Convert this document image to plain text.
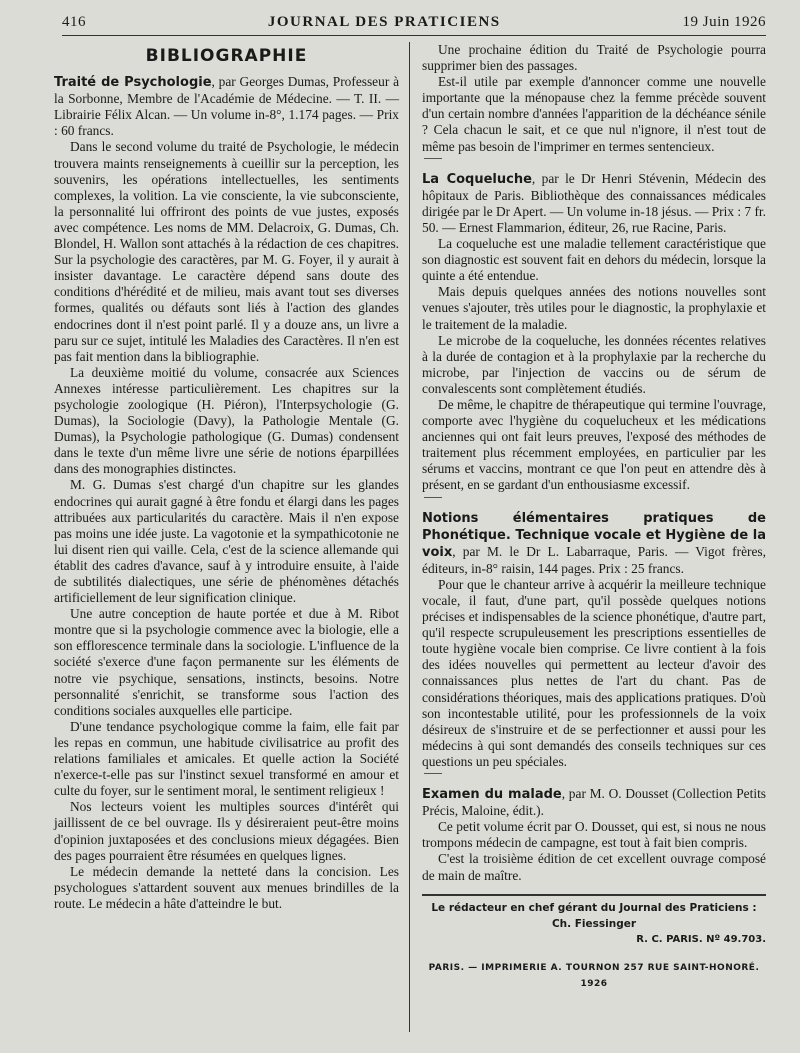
416	JOURNAL DES PRATICIENS	19 Juin 1926
BIBLIOGRAPHIE

Traité de Psychologie, par Georges Dumas, Professeur à la Sorbonne, Membre de l'Académie de Médecine. — T. II. — Librairie Félix Alcan. — Un volume in-8°, 1.174 pages. — Prix : 60 francs.

Dans le second volume du traité de Psychologie, le médecin trouvera maints renseignements à cueillir sur la perception, les souvenirs, les opérations intellectuelles, les sentiments complexes, la volition. La vie consciente, la vie subconsciente, la personnalité lui offriront des points de vue justes, exposés avec compétence. Les noms de MM. Delacroix, G. Dumas, Ch. Blondel, H. Wallon sont attachés à la rédaction de ces chapitres. Sur la psychologie des caractères, par M. G. Foyer, il y aurait à insister davantage. Le caractère dépend sans doute des conditions d'hérédité et de milieu, mais avant tout ses diverses formes, qualités ou défauts sont liés à l'action des glandes endocrines dont il n'est point parlé. Il y a douze ans, un livre a paru sur ce sujet, intitulé les Maladies des Caractères. Il n'en est pas fait mention dans la bibliographie.

La deuxième moitié du volume, consacrée aux Sciences Annexes intéresse particulièrement. Les chapitres sur la psychologie zoologique (H. Piéron), l'Interpsychologie (G. Dumas), la Sociologie (Davy), la Pathologie Mentale (G. Dumas), la Psychologie pathologique (G. Dumas) condensent dans le texte d'un même livre une série de notions éparpillées dans des monographies distinctes.

M. G. Dumas s'est chargé d'un chapitre sur les glandes endocrines qui aurait gagné à être fondu et élargi dans les pages attribuées aux particularités du caractère. Mais il n'en expose pas moins une idée juste. La vagotonie et la sympathicotonie ne lui disent rien qui vaille. Cela, c'est de la science allemande qui établit des cadres d'avance, sauf à y introduire ensuite, à l'aide de subtilités dialectiques, une série de phénomènes détachés artificiellement de leur signification clinique.

Une autre conception de haute portée et due à M. Ribot montre que si la psychologie commence avec la biologie, elle a son efflorescence terminale dans la sociologie. L'influence de la société s'exerce d'une façon permanente sur les éléments de notre vie psychique, sensations, instincts, besoins. Notre personnalité s'enrichit, se transforme sous l'action des conditions sociales auxquelles elle participe.

D'une tendance psychologique comme la faim, elle fait par les repas en commun, une habitude civilisatrice au profit des relations familiales et amicales. Et quelle action la Société n'exerce-t-elle pas sur l'instinct sexuel transformé en amour et culte du foyer, sur le sentiment moral, le sentiment religieux !

Nos lecteurs voient les multiples sources d'intérêt qui jaillissent de ce bel ouvrage. Ils y désireraient peut-être moins d'opinion juxtaposées et des conclusions mieux dégagées. Bien des pages pourraient être résumées en quelques lignes.

Le médecin demande la netteté dans la concision. Les psychologues s'attardent souvent aux menues brindilles de la route. Le médecin a hâte d'atteindre le but.

Une prochaine édition du Traité de Psychologie pourra supprimer bien des passages.

Est-il utile par exemple d'annoncer comme une nouvelle importante que la ménopause chez la femme précède souvent d'un certain nombre d'années l'apparition de la déchéance sénile ? Cela chacun le sait, et ce que nul n'ignore, il n'est tout de même pas besoin de l'imprimer en termes sentencieux.

La Coqueluche, par le Dr Henri Stévenin, Médecin des hôpitaux de Paris. Bibliothèque des connaissances médicales dirigée par le Dr Apert. — Un volume in-18 jésus. — Prix : 7 fr. 50. — Ernest Flammarion, éditeur, 26, rue Racine, Paris.

La coqueluche est une maladie tellement caractéristique que son diagnostic est souvent fait en dehors du médecin, lorsque la quinte a été entendue.

Mais depuis quelques années des notions nouvelles sont venues s'ajouter, très utiles pour le diagnostic, la prophylaxie et le traitement de la maladie.

Le microbe de la coqueluche, les données récentes relatives à la durée de contagion et à la prophylaxie par la recherche du microbe, par l'injection de vaccins ou de sérum de convalescents sont complètement étudiés.

De même, le chapitre de thérapeutique qui termine l'ouvrage, comporte avec l'hygiène du coquelucheux et les médications anciennes qui ont fait leurs preuves, l'exposé des méthodes de traitement plus récemment employées, en particulier par les sérums et vaccins, montrant ce que l'on peut en attendre dès à présent, en se gardant d'un enthousiasme excessif.

Notions élémentaires pratiques de Phonétique. Technique vocale et Hygiène de la voix, par M. le Dr L. Labarraque, Paris. — Vigot frères, éditeurs, in-8° raisin, 144 pages. Prix : 25 francs.

Pour que le chanteur arrive à acquérir la meilleure technique vocale, il faut, d'une part, qu'il possède quelques notions précises et indispensables de la science phonétique, d'autre part, qu'il respecte scrupuleusement les prescriptions essentielles de toute hygiène vocale bien comprise. Ce livre contient à la fois des idées nouvelles qui permettent au lecteur d'avoir des connaissances plus nettes de l'art du chant. Pas de considérations théoriques, mais des applications pratiques. D'où son incontestable utilité, pour les professionnels de la voix désireux de s'instruire et de se perfectionner et aussi pour les médecins à qui sont demandés des conseils techniques sur ces questions un peu spéciales.

Examen du malade, par M. O. Dousset (Collection Petits Précis, Maloine, édit.).

Ce petit volume écrit par O. Dousset, qui est, si nous ne nous trompons médecin de campagne, est tout à fait bien compris.

C'est la troisième édition de cet excellent ouvrage composé de main de maître.

Le rédacteur en chef gérant du Journal des Praticiens : Ch. Fiessinger
R. C. PARIS. Nº 49.703.
PARIS. — IMPRIMERIE A. TOURNON 257 RUE SAINT-HONORÉ. 1926
